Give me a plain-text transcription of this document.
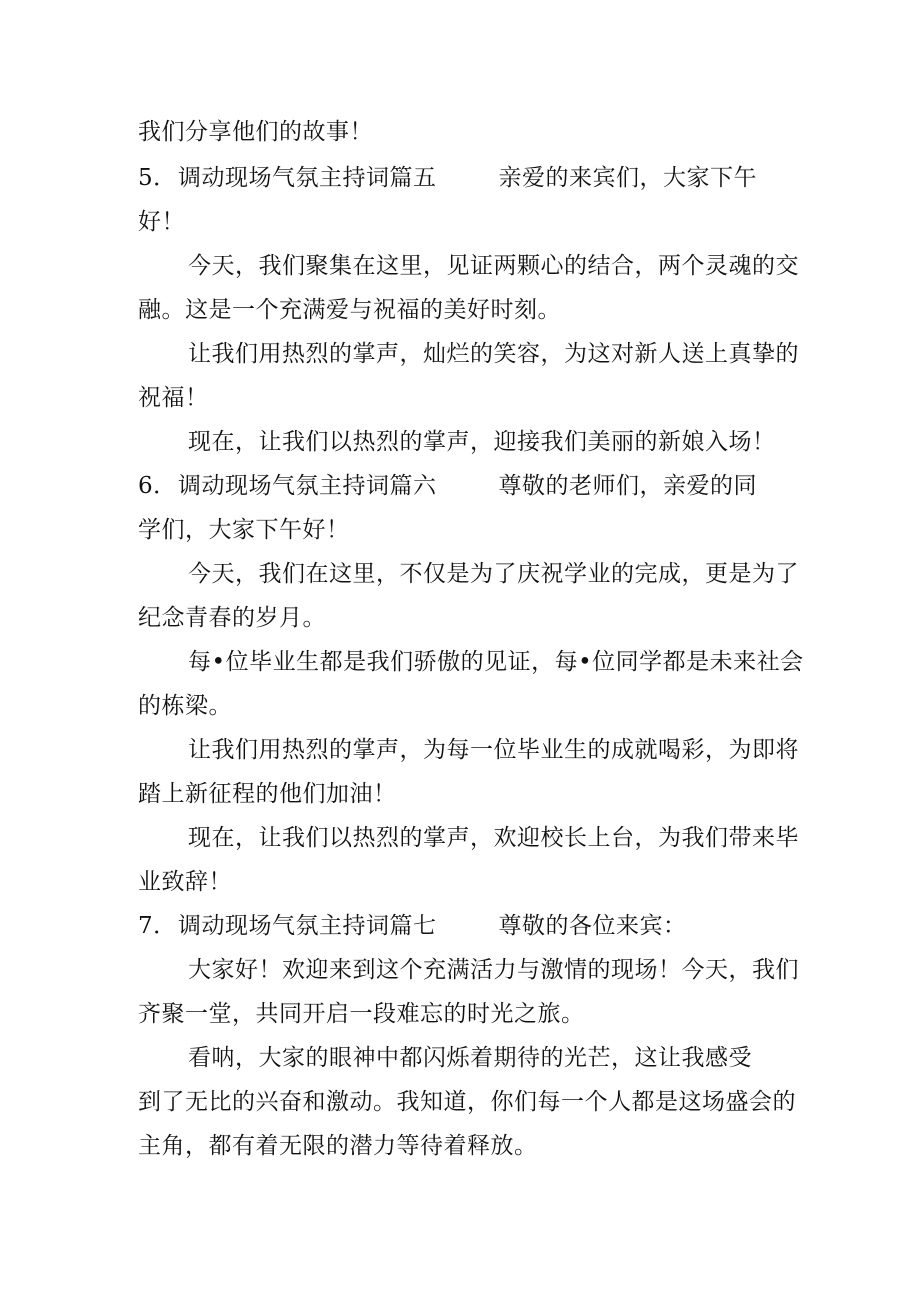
我们分享他们的故事！
5．调动现场气氛主持词篇五	亲爱的来宾们，大家下午
好！
今天，我们聚集在这里，见证两颗心的结合，两个灵魂的交
融。这是一个充满爱与祝福的美好时刻。
让我们用热烈的掌声，灿烂的笑容，为这对新人送上真挚的
祝福！
现在，让我们以热烈的掌声，迎接我们美丽的新娘入场！
6．调动现场气氛主持词篇六	尊敬的老师们，亲爱的同
学们，大家下午好！
今天，我们在这里，不仅是为了庆祝学业的完成，更是为了
纪念青春的岁月。
每•位毕业生都是我们骄傲的见证，每•位同学都是未来社会
的栋梁。
让我们用热烈的掌声，为每一位毕业生的成就喝彩，为即将
踏上新征程的他们加油！
现在，让我们以热烈的掌声，欢迎校长上台，为我们带来毕
业致辞！
7．调动现场气氛主持词篇七	尊敬的各位来宾：
大家好！欢迎来到这个充满活力与激情的现场！今天，我们
齐聚一堂，共同开启一段难忘的时光之旅。
看呐，大家的眼神中都闪烁着期待的光芒，这让我感受
到了无比的兴奋和激动。我知道，你们每一个人都是这场盛会的
主角，都有着无限的潜力等待着释放。
